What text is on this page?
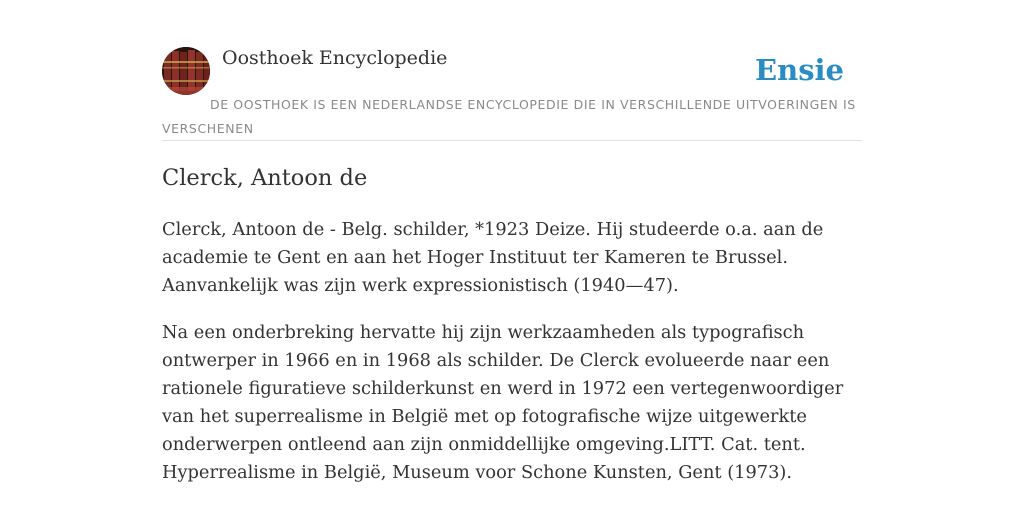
Oosthoek Encyclopedie	Ensie
DE OOSTHOEK IS EEN NEDERLANDSE ENCYCLOPEDIE DIE IN VERSCHILLENDE UITVOERINGEN IS VERSCHENEN
Clerck, Antoon de

Clerck, Antoon de - Belg. schilder, *1923 Deize. Hij studeerde o.a. aan de academie te Gent en aan het Hoger Instituut ter Kameren te Brussel. Aanvankelijk was zijn werk expressionistisch (1940—47).

Na een onderbreking hervatte hij zijn werkzaamheden als typografisch ontwerper in 1966 en in 1968 als schilder. De Clerck evolueerde naar een rationele figuratieve schilderkunst en werd in 1972 een vertegenwoordiger van het superrealisme in België met op fotografische wijze uitgewerkte onderwerpen ontleend aan zijn onmiddellijke omgeving.LITT. Cat. tent. Hyperrealisme in België, Museum voor Schone Kunsten, Gent (1973).
